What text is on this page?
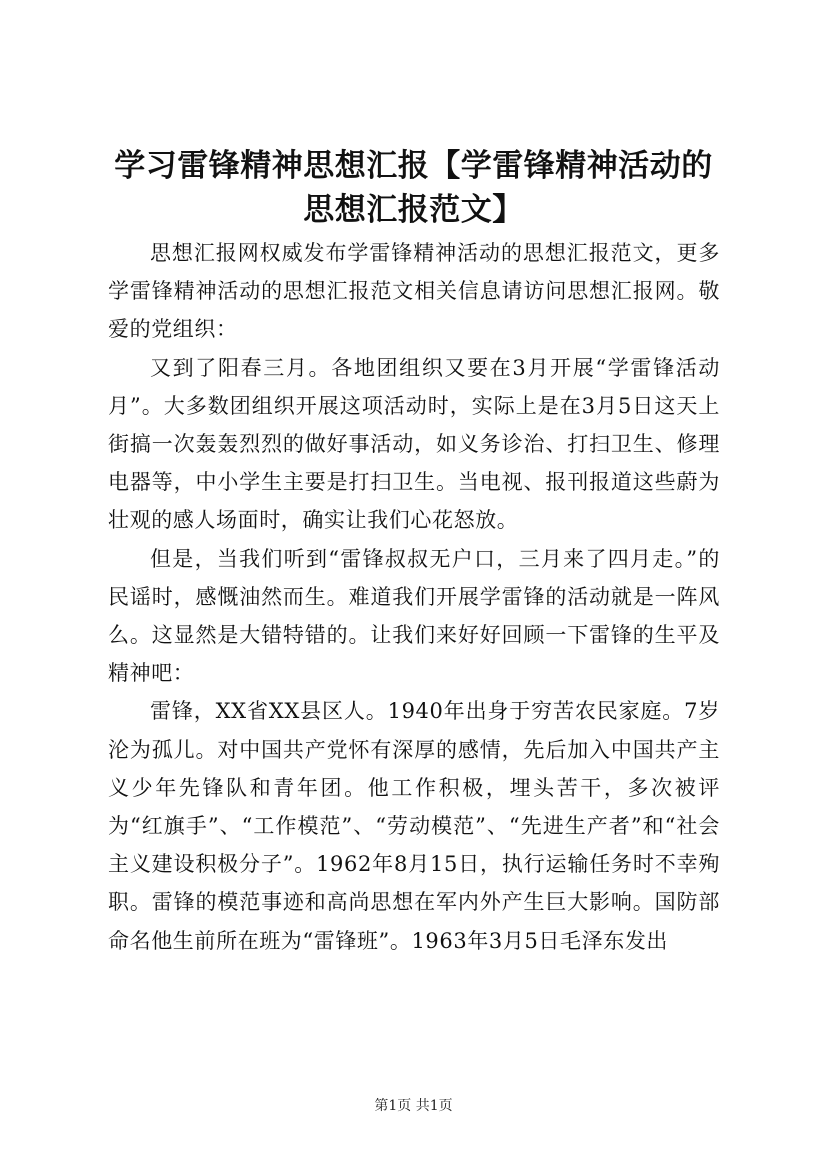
学习雷锋精神思想汇报【学雷锋精神活动的思想汇报范文】

思想汇报网权威发布学雷锋精神活动的思想汇报范文，更多学雷锋精神活动的思想汇报范文相关信息请访问思想汇报网。敬爱的党组织：

又到了阳春三月。各地团组织又要在3月开展“学雷锋活动月”。大多数团组织开展这项活动时，实际上是在3月5日这天上街搞一次轰轰烈烈的做好事活动，如义务诊治、打扫卫生、修理电器等，中小学生主要是打扫卫生。当电视、报刊报道这些蔚为壮观的感人场面时，确实让我们心花怒放。

但是，当我们听到“雷锋叔叔无户口，三月来了四月走。”的民谣时，感慨油然而生。难道我们开展学雷锋的活动就是一阵风么。这显然是大错特错的。让我们来好好回顾一下雷锋的生平及精神吧：

雷锋，XX省XX县区人。1940年出身于穷苦农民家庭。7岁沦为孤儿。对中国共产党怀有深厚的感情，先后加入中国共产主义少年先锋队和青年团。他工作积极，埋头苦干，多次被评为“红旗手”、“工作模范”、“劳动模范”、“先进生产者”和“社会主义建设积极分子”。1962年8月15日，执行运输任务时不幸殉职。雷锋的模范事迹和高尚思想在军内外产生巨大影响。国防部命名他生前所在班为“雷锋班”。1963年3月5日毛泽东发出

第1页 共1页
